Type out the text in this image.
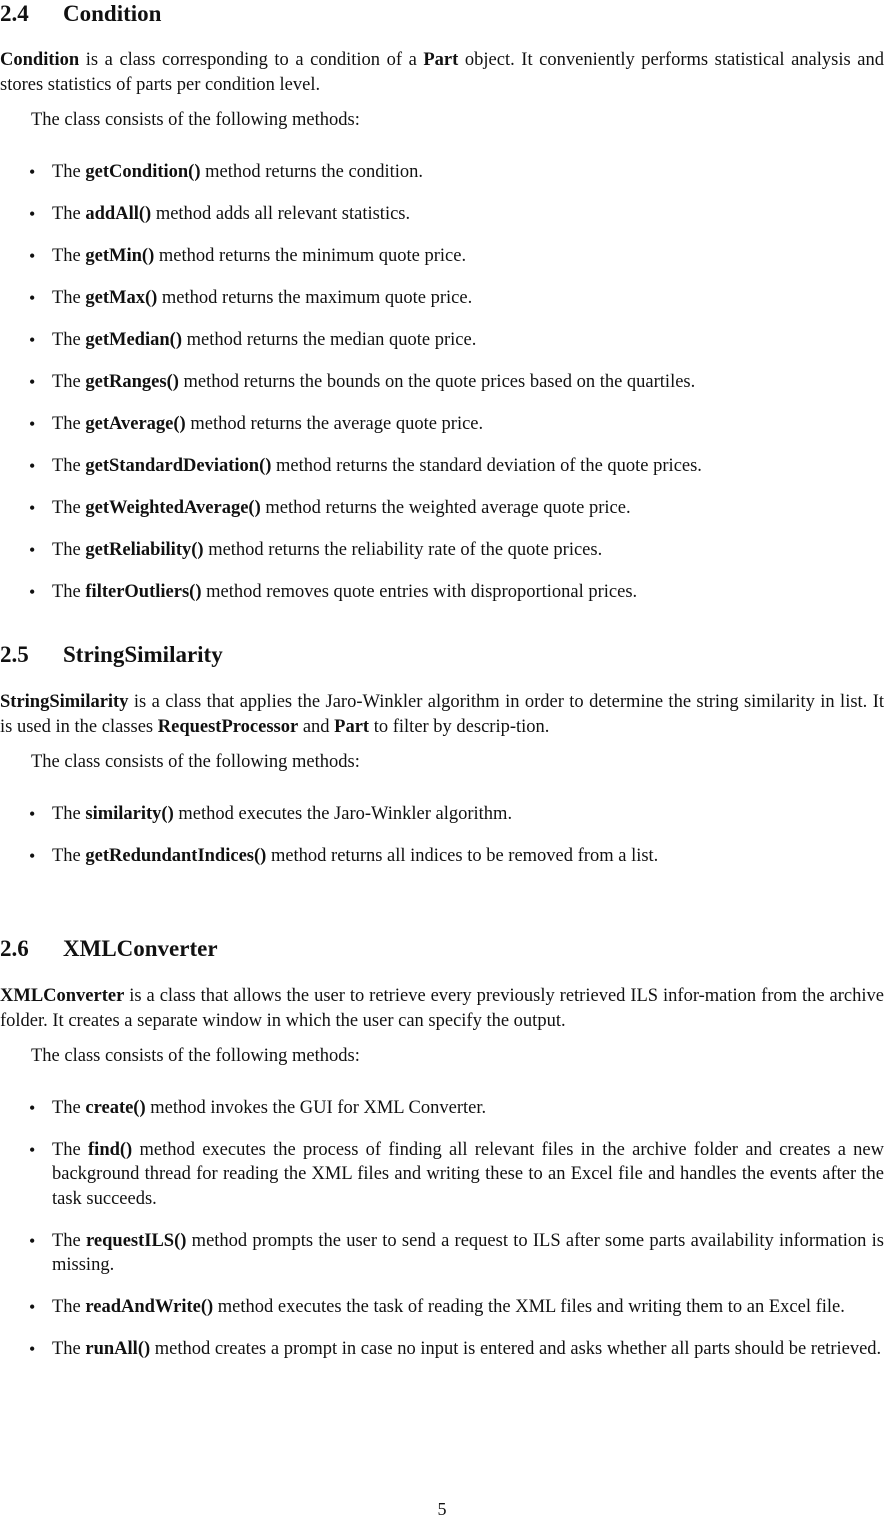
2.4 Condition

Condition is a class corresponding to a condition of a Part object. It conveniently performs statistical analysis and stores statistics of parts per condition level.

The class consists of the following methods:

• The getCondition() method returns the condition.
• The addAll() method adds all relevant statistics.
• The getMin() method returns the minimum quote price.
• The getMax() method returns the maximum quote price.
• The getMedian() method returns the median quote price.
• The getRanges() method returns the bounds on the quote prices based on the quartiles.
• The getAverage() method returns the average quote price.
• The getStandardDeviation() method returns the standard deviation of the quote prices.
• The getWeightedAverage() method returns the weighted average quote price.
• The getReliability() method returns the reliability rate of the quote prices.
• The filterOutliers() method removes quote entries with disproportional prices.
2.5 StringSimilarity

StringSimilarity is a class that applies the Jaro-Winkler algorithm in order to determine the string similarity in list. It is used in the classes RequestProcessor and Part to filter by descrip-tion.

The class consists of the following methods:

• The similarity() method executes the Jaro-Winkler algorithm.
• The getRedundantIndices() method returns all indices to be removed from a list.
2.6 XMLConverter

XMLConverter is a class that allows the user to retrieve every previously retrieved ILS infor-mation from the archive folder. It creates a separate window in which the user can specify the output.

The class consists of the following methods:

• The create() method invokes the GUI for XML Converter.
• The find() method executes the process of finding all relevant files in the archive folder and creates a new background thread for reading the XML files and writing these to an Excel file and handles the events after the task succeeds.
• The requestILS() method prompts the user to send a request to ILS after some parts availability information is missing.
• The readAndWrite() method executes the task of reading the XML files and writing them to an Excel file.
• The runAll() method creates a prompt in case no input is entered and asks whether all parts should be retrieved.
5
